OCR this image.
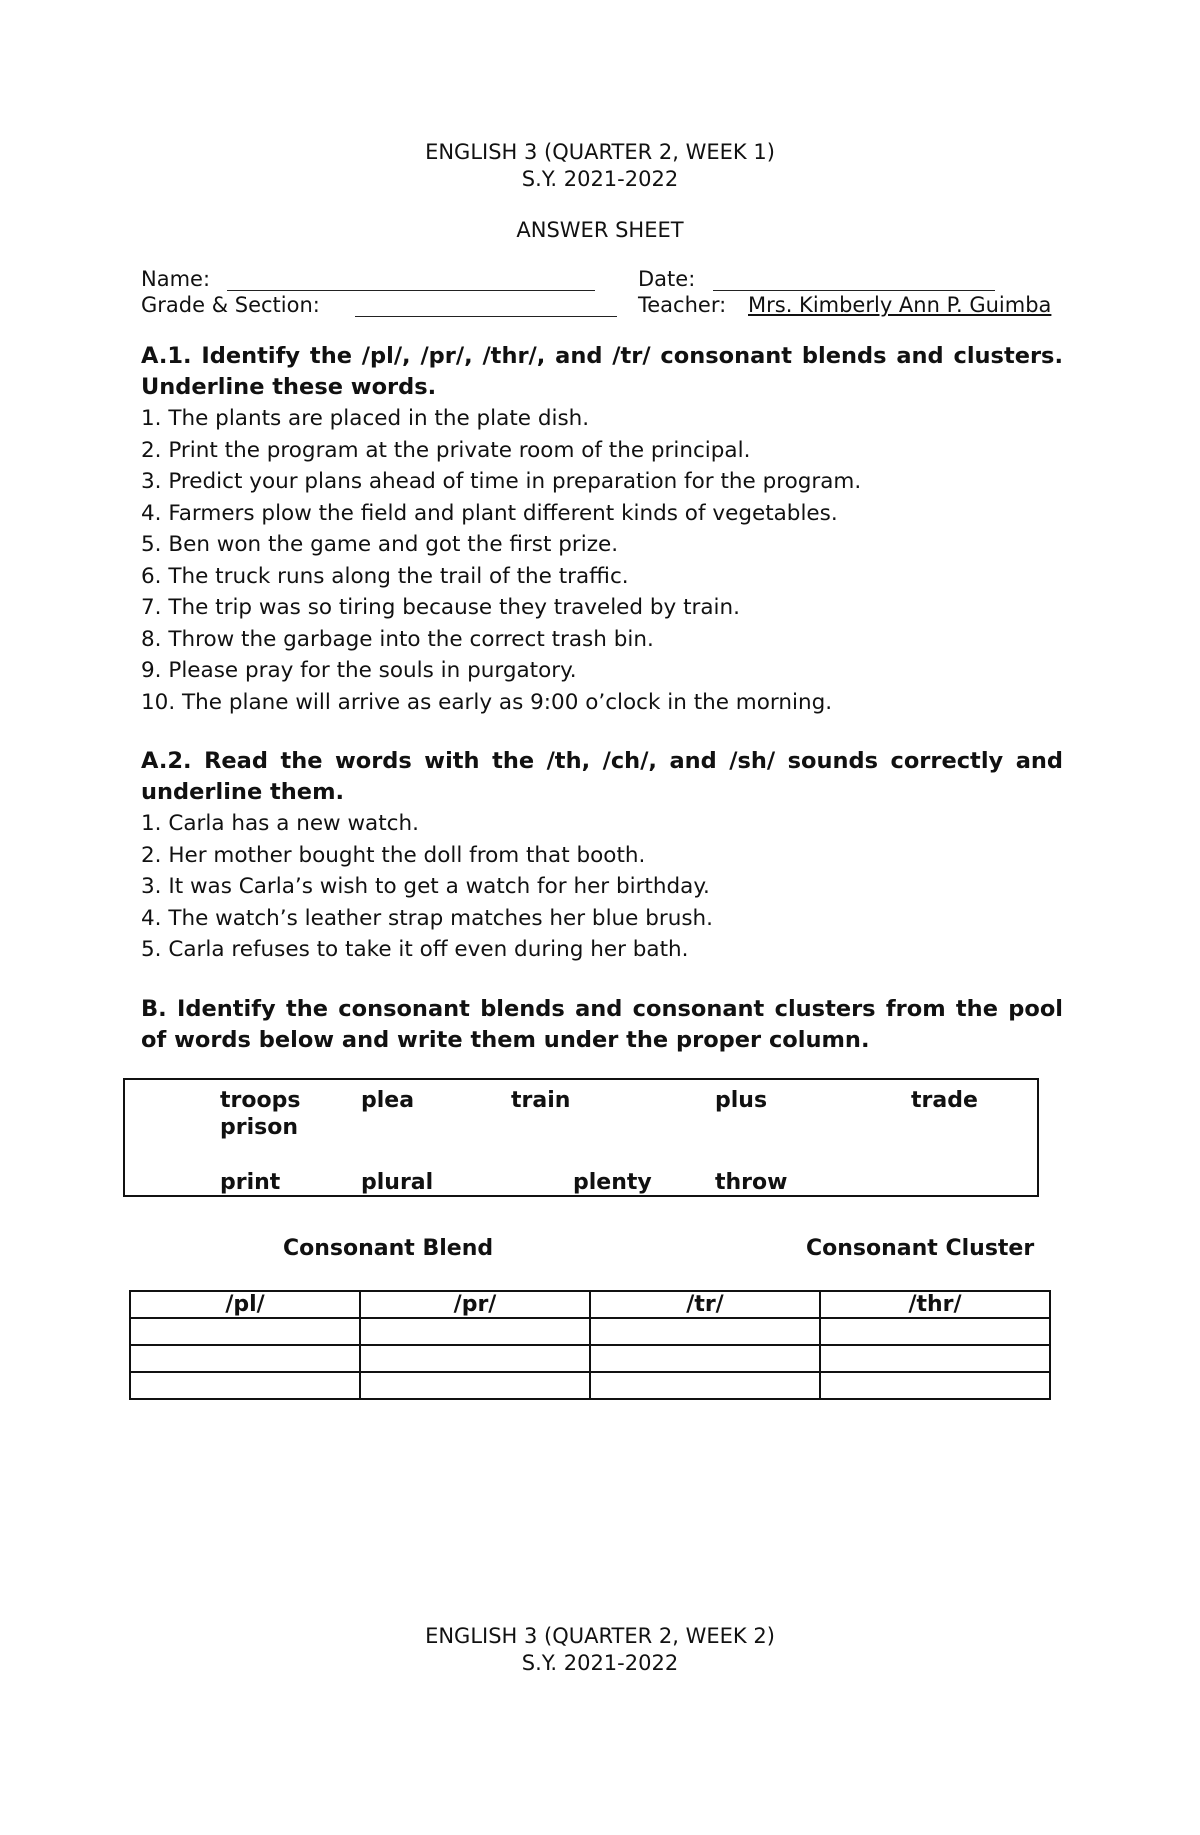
ENGLISH 3 (QUARTER 2, WEEK 1)
S.Y. 2021-2022
ANSWER SHEET
Name:	Date:
Grade & Section:	Teacher: Mrs. Kimberly Ann P. Guimba
A.1. Identify the /pl/, /pr/, /thr/, and /tr/ consonant blends and clusters. Underline these words.
1. The plants are placed in the plate dish.
2. Print the program at the private room of the principal.
3. Predict your plans ahead of time in preparation for the program.
4. Farmers plow the field and plant different kinds of vegetables.
5. Ben won the game and got the first prize.
6. The truck runs along the trail of the traffic.
7. The trip was so tiring because they traveled by train.
8. Throw the garbage into the correct trash bin.
9. Please pray for the souls in purgatory.
10. The plane will arrive as early as 9:00 o’clock in the morning.
A.2. Read the words with the /th, /ch/, and /sh/ sounds correctly and underline them.
1. Carla has a new watch.
2. Her mother bought the doll from that booth.
3. It was Carla’s wish to get a watch for her birthday.
4. The watch’s leather strap matches her blue brush.
5. Carla refuses to take it off even during her bath.
B. Identify the consonant blends and consonant clusters from the pool of words below and write them under the proper column.
troops	plea	train	plus	trade
prison
print	plural	plenty	throw
Consonant Blend	Consonant Cluster
/pl/	/pr/	/tr/	/thr/

ENGLISH 3 (QUARTER 2, WEEK 2)
S.Y. 2021-2022
